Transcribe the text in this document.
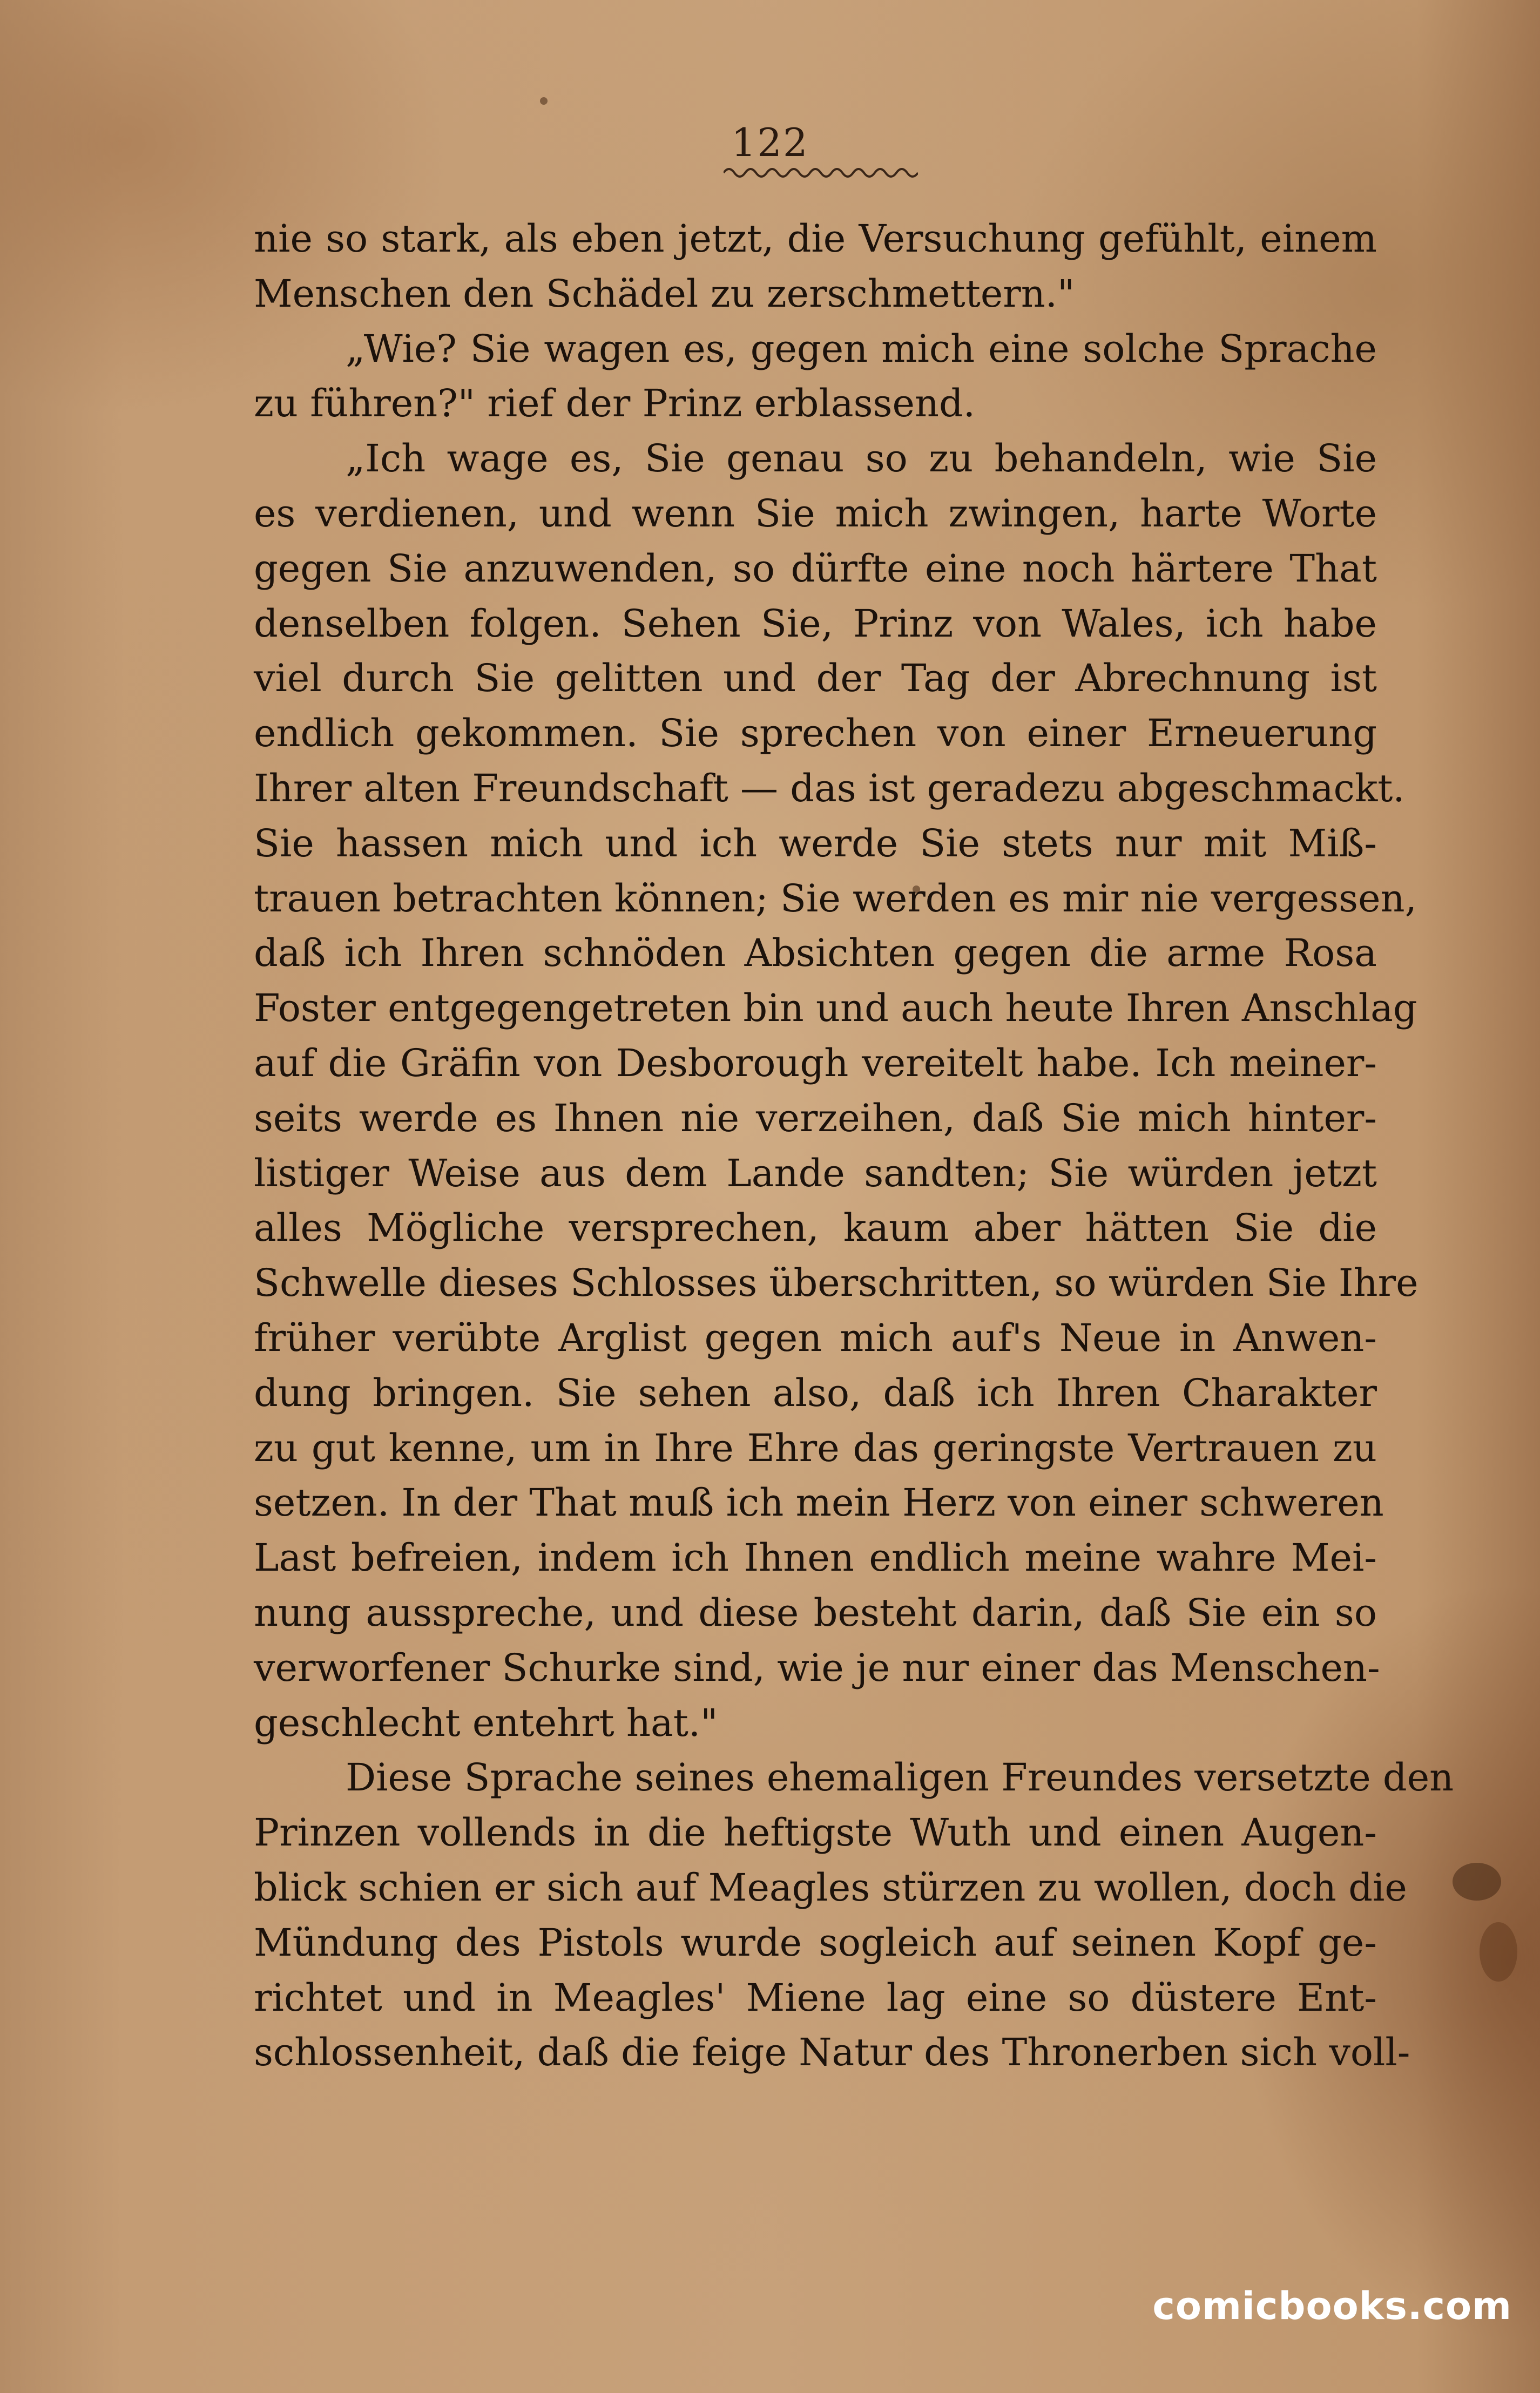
122
nie so stark, als eben jetzt, die Versuchung gefühlt, einem
Menschen den Schädel zu zerschmettern."
„Wie? Sie wagen es, gegen mich eine solche Sprache
zu führen?" rief der Prinz erblassend.
„Ich wage es, Sie genau so zu behandeln, wie Sie
es verdienen, und wenn Sie mich zwingen, harte Worte
gegen Sie anzuwenden, so dürfte eine noch härtere That
denselben folgen. Sehen Sie, Prinz von Wales, ich habe
viel durch Sie gelitten und der Tag der Abrechnung ist
endlich gekommen. Sie sprechen von einer Erneuerung
Ihrer alten Freundschaft — das ist geradezu abgeschmackt.
Sie hassen mich und ich werde Sie stets nur mit Miß-
trauen betrachten können; Sie werden es mir nie vergessen,
daß ich Ihren schnöden Absichten gegen die arme Rosa
Foster entgegengetreten bin und auch heute Ihren Anschlag
auf die Gräfin von Desborough vereitelt habe. Ich meiner-
seits werde es Ihnen nie verzeihen, daß Sie mich hinter-
listiger Weise aus dem Lande sandten; Sie würden jetzt
alles Mögliche versprechen, kaum aber hätten Sie die
Schwelle dieses Schlosses überschritten, so würden Sie Ihre
früher verübte Arglist gegen mich auf's Neue in Anwen-
dung bringen. Sie sehen also, daß ich Ihren Charakter
zu gut kenne, um in Ihre Ehre das geringste Vertrauen zu
setzen. In der That muß ich mein Herz von einer schweren
Last befreien, indem ich Ihnen endlich meine wahre Mei-
nung ausspreche, und diese besteht darin, daß Sie ein so
verworfener Schurke sind, wie je nur einer das Menschen-
geschlecht entehrt hat."
Diese Sprache seines ehemaligen Freundes versetzte den
Prinzen vollends in die heftigste Wuth und einen Augen-
blick schien er sich auf Meagles stürzen zu wollen, doch die
Mündung des Pistols wurde sogleich auf seinen Kopf ge-
richtet und in Meagles' Miene lag eine so düstere Ent-
schlossenheit, daß die feige Natur des Thronerben sich voll-
comicbooks.com
